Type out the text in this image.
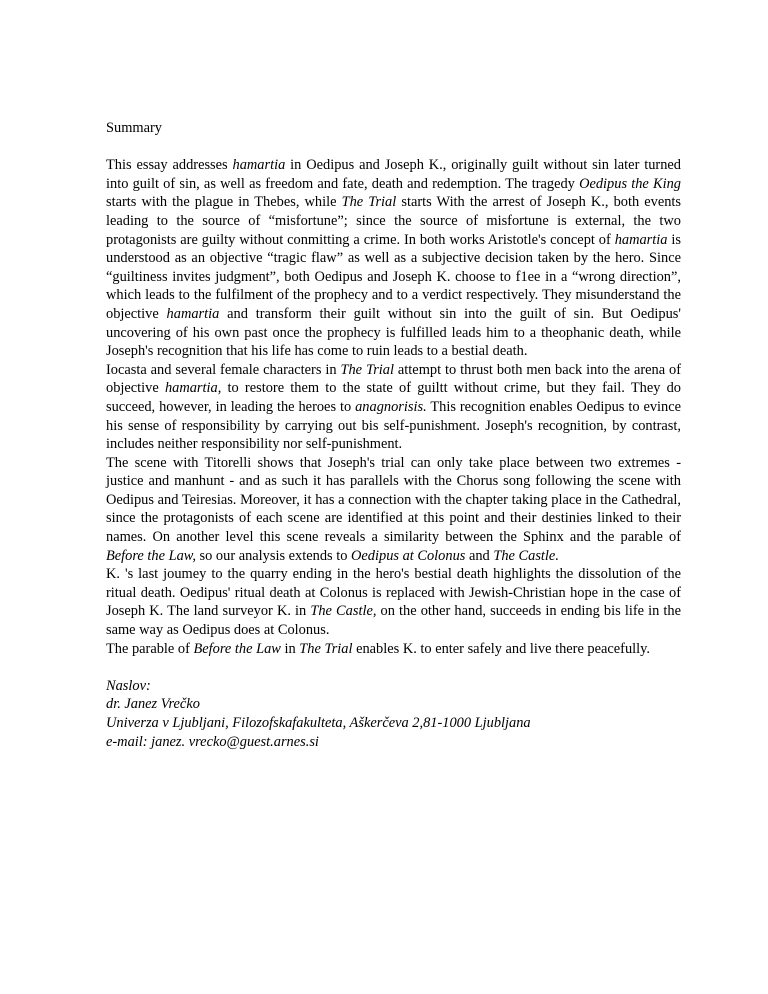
Summary

This essay addresses hamartia in Oedipus and Joseph K., originally guilt without sin later turned into guilt of sin, as well as freedom and fate, death and redemption. The tragedy Oedipus the King starts with the plague in Thebes, while The Trial starts With the arrest of Joseph K., both events leading to the source of “misfortune”; since the source of misfortune is external, the two protagonists are guilty without conmitting a crime. In both works Aristotle's concept of hamartia is understood as an objective “tragic flaw” as well as a subjective decision taken by the hero. Since “guiltiness invites judgment”, both Oedipus and Joseph K. choose to f1ee in a “wrong direction”, which leads to the fulfilment of the prophecy and to a verdict respectively. They misunderstand the objective hamartia and transform their guilt without sin into the guilt of sin. But Oedipus' uncovering of his own past once the prophecy is fulfilled leads him to a theophanic death, while Joseph's recognition that his life has come to ruin leads to a bestial death.

Iocasta and several female characters in The Trial attempt to thrust both men back into the arena of objective hamartia, to restore them to the state of guiltt without crime, but they fail. They do succeed, however, in leading the heroes to anagnorisis. This recognition enables Oedipus to evince his sense of responsibility by carrying out bis self-punishment. Joseph's recognition, by contrast, includes neither responsibility nor self-punishment.

The scene with Titorelli shows that Joseph's trial can only take place between two extremes - justice and manhunt - and as such it has parallels with the Chorus song following the scene with Oedipus and Teiresias. Moreover, it has a connection with the chapter taking place in the Cathedral, since the protagonists of each scene are identified at this point and their destinies linked to their names. On another level this scene reveals a similarity between the Sphinx and the parable of Before the Law, so our analysis extends to Oedipus at Colonus and The Castle.

K. 's last joumey to the quarry ending in the hero's bestial death highlights the dissolution of the ritual death. Oedipus' ritual death at Colonus is replaced with Jewish-Christian hope in the case of Joseph K. The land surveyor K. in The Castle, on the other hand, succeeds in ending bis life in the same way as Oedipus does at Colonus.

The parable of Before the Law in The Trial enables K. to enter safely and live there peacefully.

Naslov:
dr. Janez Vrečko
Univerza v Ljubljani, Filozofskafakulteta, Aškerčeva 2,81-1000 Ljubljana
e-mail: janez. vrecko@guest.arnes.si
